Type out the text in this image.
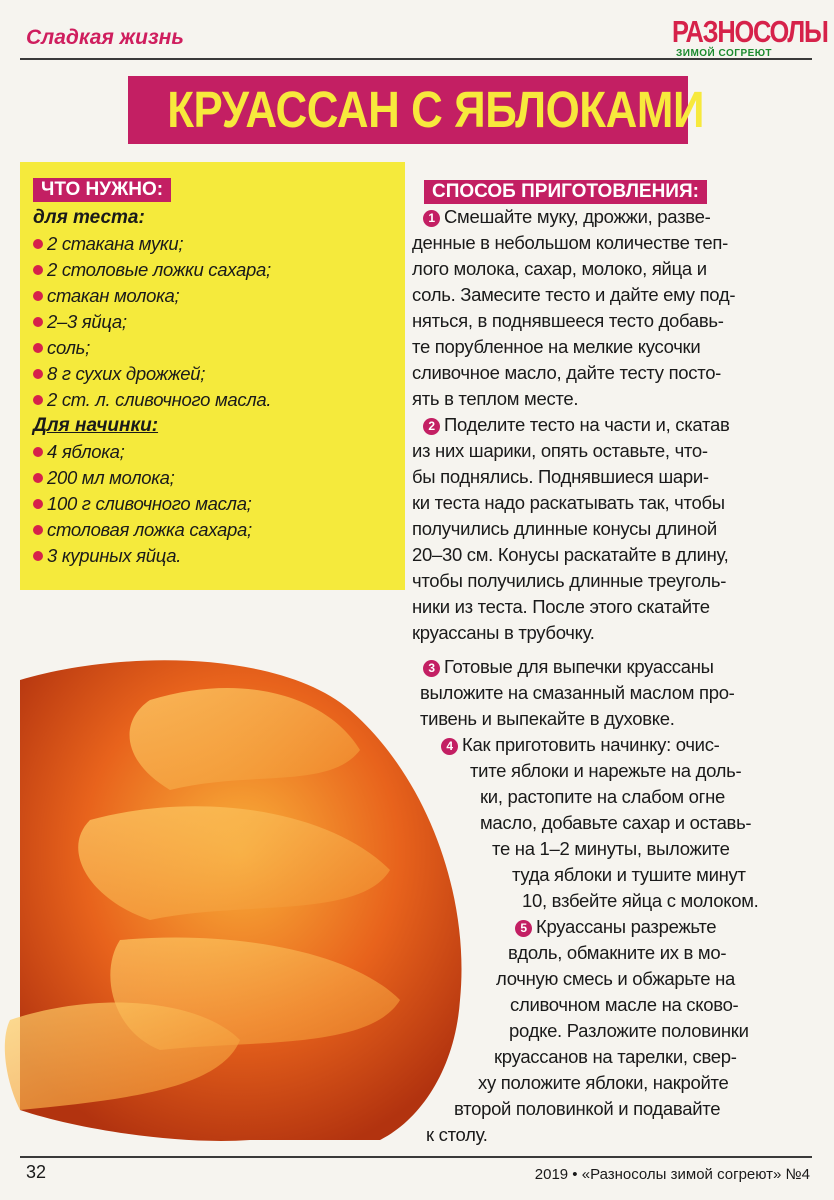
Сладкая жизнь	РАЗНОСОЛЫ
ЗИМОЙ СОГРЕЮТ
КРУАССАН С ЯБЛОКАМИ
ЧТО НУЖНО:
для теста:
2 стакана муки;
2 столовые ложки сахара;
стакан молока;
2–3 яйца;
соль;
8 г сухих дрожжей;
2 ст. л. сливочного масла.
Для начинки:
4 яблока;
200 мл молока;
100 г сливочного масла;
столовая ложка сахара;
3 куриных яйца.
СПОСОБ ПРИГОТОВЛЕНИЯ:
1 Смешайте муку, дрожжи, разве-
денные в небольшом количестве теп-
лого молока, сахар, молоко, яйца и
соль. Замесите тесто и дайте ему под-
няться, в поднявшееся тесто добавь-
те порубленное на мелкие кусочки
сливочное масло, дайте тесту посто-
ять в теплом месте.
2 Поделите тесто на части и, скатав
из них шарики, опять оставьте, что-
бы поднялись. Поднявшиеся шари-
ки теста надо раскатывать так, чтобы
получились длинные конусы длиной
20–30 см. Конусы раскатайте в длину,
чтобы получились длинные треуголь-
ники из теста. После этого скатайте
круассаны в трубочку.
3 Готовые для выпечки круассаны
выложите на смазанный маслом про-
тивень и выпекайте в духовке.
4 Как приготовить начинку: очис-
тите яблоки и нарежьте на доль-
ки, растопите на слабом огне
масло, добавьте сахар и оставь-
те на 1–2 минуты, выложите
туда яблоки и тушите минут
10, взбейте яйца с молоком.
5 Круассаны разрежьте
вдоль, обмакните их в мо-
лочную смесь и обжарьте на
сливочном масле на сково-
родке. Разложите половинки
круассанов на тарелки, свер-
ху положите яблоки, накройте
второй половинкой и подавайте
к столу.
32	2019 • «Разносолы зимой согреют» №4
